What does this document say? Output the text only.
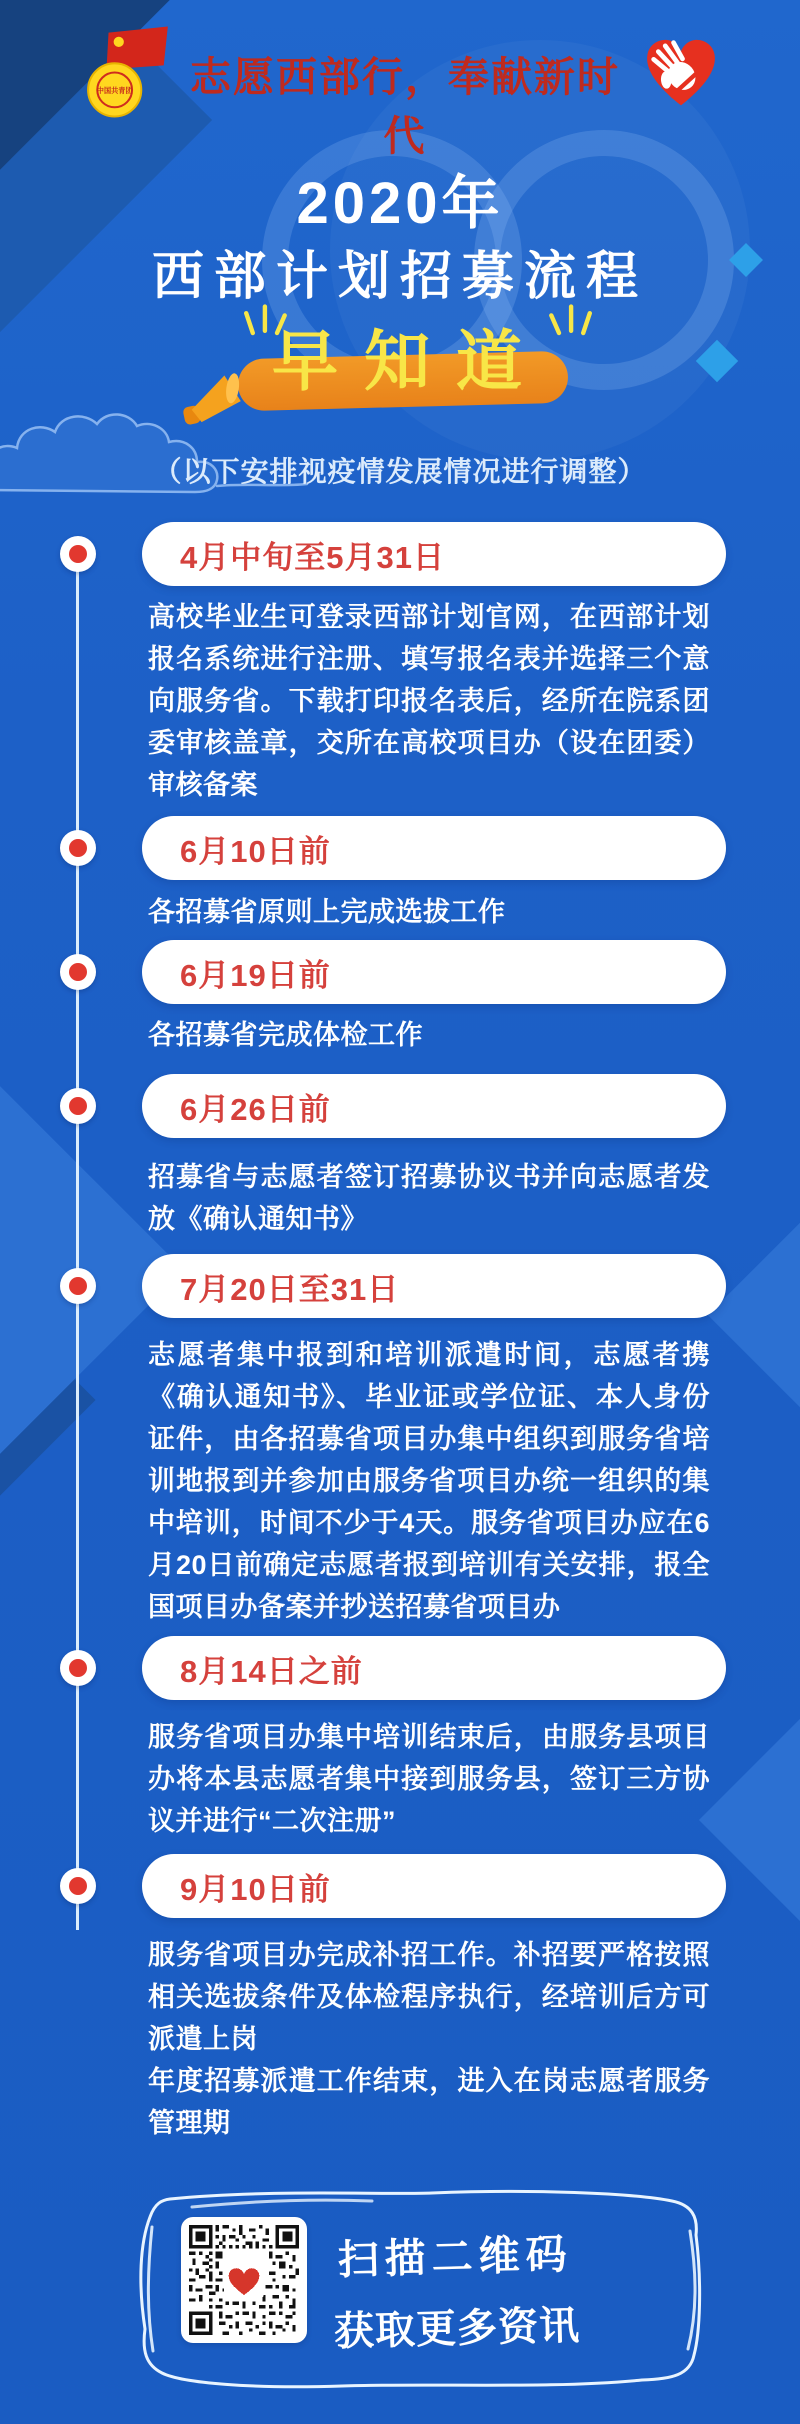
中国共青团	志愿西部行，奉献新时代
2020年
西部计划招募流程
早知道
（以下安排视疫情发展情况进行调整）
4月中旬至5月31日
高校毕业生可登录西部计划官网，在西部计划报名系统进行注册、填写报名表并选择三个意向服务省。下载打印报名表后，经所在院系团委审核盖章，交所在高校项目办（设在团委）审核备案
6月10日前
各招募省原则上完成选拔工作
6月19日前
各招募省完成体检工作
6月26日前
招募省与志愿者签订招募协议书并向志愿者发放《确认通知书》
7月20日至31日
志愿者集中报到和培训派遣时间，志愿者携《确认通知书》、毕业证或学位证、本人身份证件，由各招募省项目办集中组织到服务省培训地报到并参加由服务省项目办统一组织的集中培训，时间不少于4天。服务省项目办应在6月20日前确定志愿者报到培训有关安排，报全国项目办备案并抄送招募省项目办
8月14日之前
服务省项目办集中培训结束后，由服务县项目办将本县志愿者集中接到服务县，签订三方协议并进行“二次注册”
9月10日前
服务省项目办完成补招工作。补招要严格按照相关选拔条件及体检程序执行，经培训后方可派遣上岗
年度招募派遣工作结束，进入在岗志愿者服务管理期
扫描二维码
获取更多资讯
